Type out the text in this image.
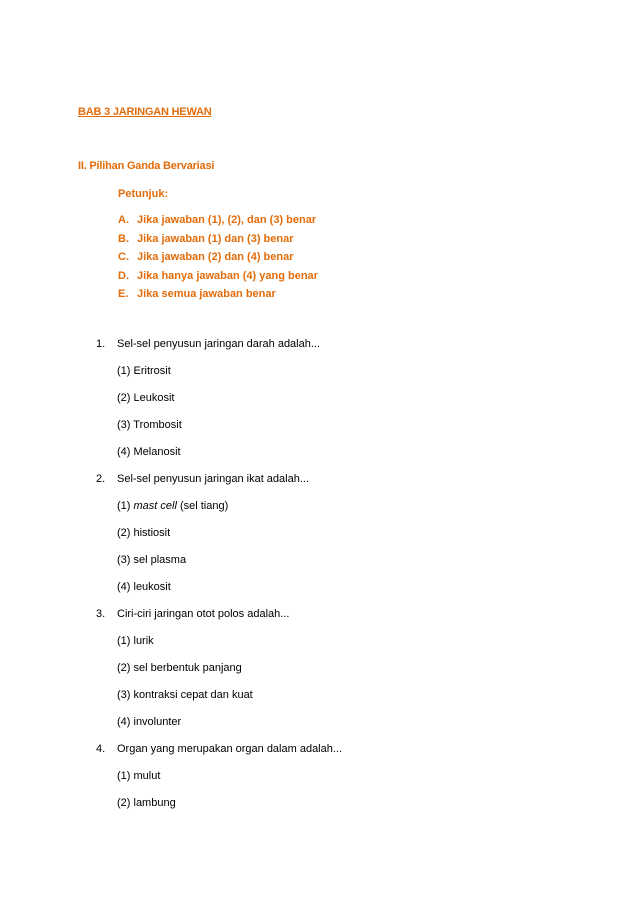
BAB 3 JARINGAN HEWAN
II. Pilihan Ganda Bervariasi
Petunjuk:
A. Jika jawaban (1), (2), dan (3) benar
B. Jika jawaban (1) dan (3) benar
C. Jika jawaban (2) dan (4) benar
D. Jika hanya jawaban (4) yang benar
E. Jika semua jawaban benar
1. Sel-sel penyusun jaringan darah adalah...
(1) Eritrosit
(2) Leukosit
(3) Trombosit
(4) Melanosit
2. Sel-sel penyusun jaringan ikat adalah...
(1) mast cell (sel tiang)
(2) histiosit
(3) sel plasma
(4) leukosit
3. Ciri-ciri jaringan otot polos adalah...
(1) lurik
(2) sel berbentuk panjang
(3) kontraksi cepat dan kuat
(4) involunter
4. Organ yang merupakan organ dalam adalah...
(1) mulut
(2) lambung
